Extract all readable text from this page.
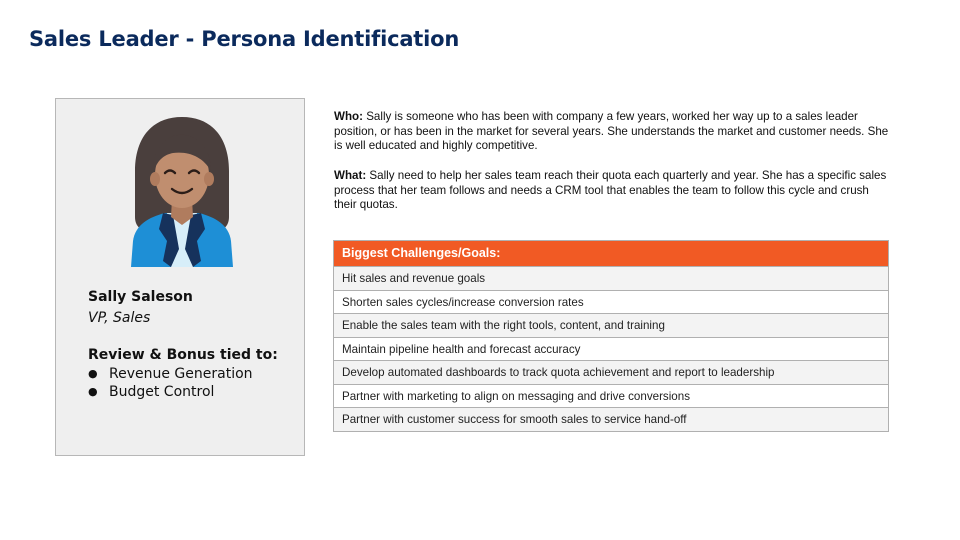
Sales Leader - Persona Identification
Sally Saleson
VP, Sales
Review & Bonus tied to:
● Revenue Generation
● Budget Control
Who: Sally is someone who has been with company a few years, worked her way up to a sales leader position, or has been in the market for several years. She understands the market and customer needs. She is well educated and highly competitive.
What: Sally need to help her sales team reach their quota each quarterly and year. She has a specific sales process that her team follows and needs a CRM tool that enables the team to follow this cycle and crush their quotas.
Biggest Challenges/Goals:
Hit sales and revenue goals
Shorten sales cycles/increase conversion rates
Enable the sales team with the right tools, content, and training
Maintain pipeline health and forecast accuracy
Develop automated dashboards to track quota achievement and report to leadership
Partner with marketing to align on messaging and drive conversions
Partner with customer success for smooth sales to service hand-off
